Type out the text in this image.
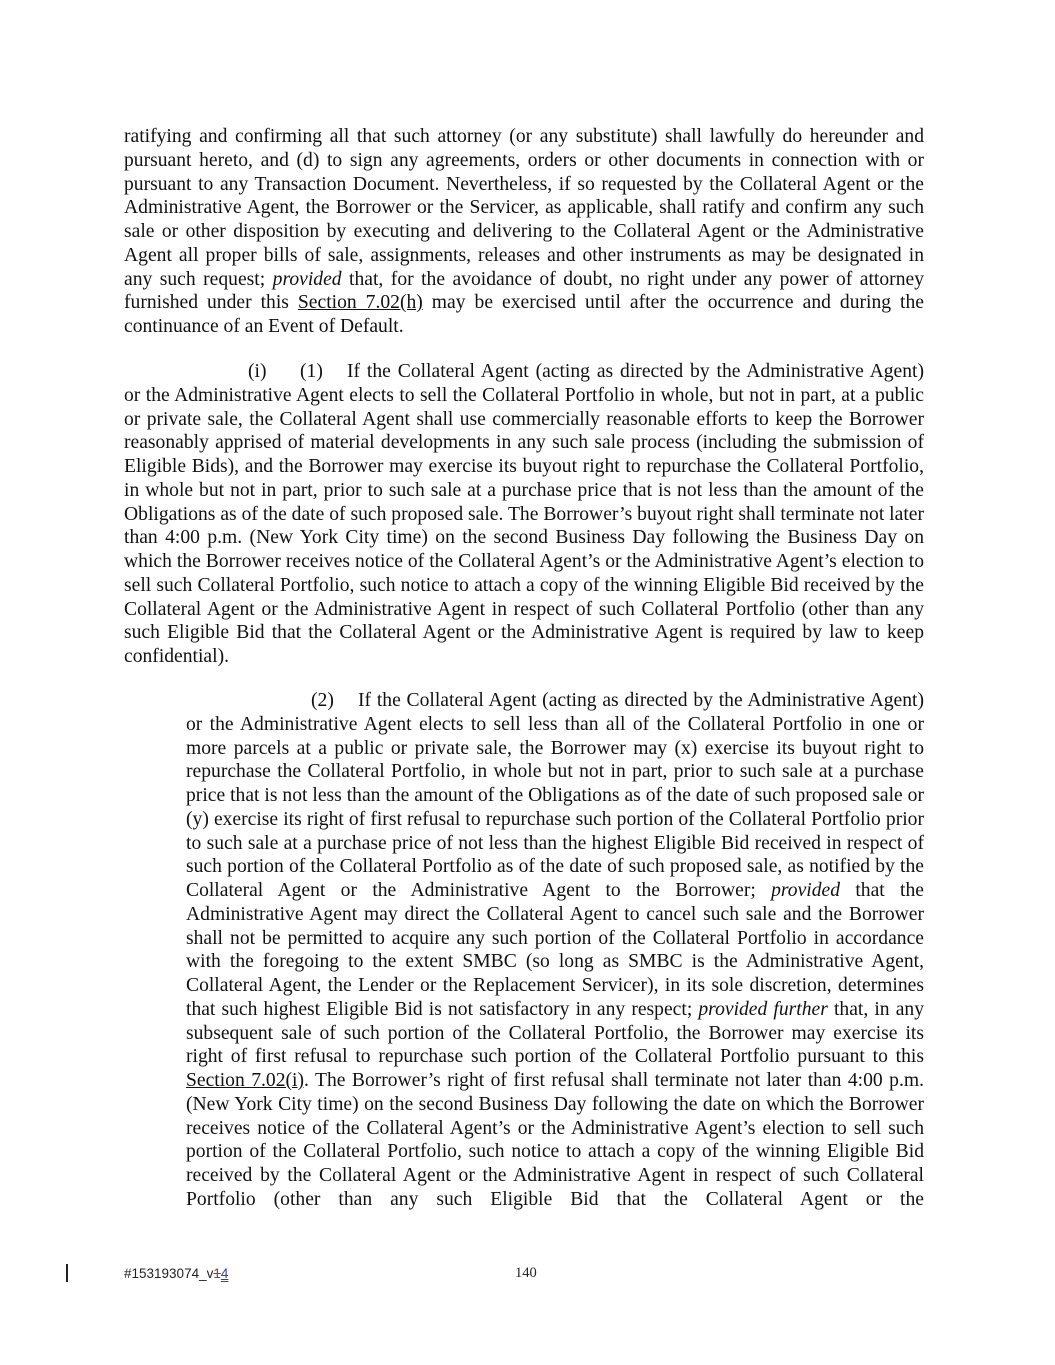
ratifying and confirming all that such attorney (or any substitute) shall lawfully do hereunder and pursuant hereto, and (d) to sign any agreements, orders or other documents in connection with or pursuant to any Transaction Document. Nevertheless, if so requested by the Collateral Agent or the Administrative Agent, the Borrower or the Servicer, as applicable, shall ratify and confirm any such sale or other disposition by executing and delivering to the Collateral Agent or the Administrative Agent all proper bills of sale, assignments, releases and other instruments as may be designated in any such request; provided that, for the avoidance of doubt, no right under any power of attorney furnished under this Section 7.02(h) may be exercised until after the occurrence and during the continuance of an Event of Default.

(i) (1) If the Collateral Agent (acting as directed by the Administrative Agent) or the Administrative Agent elects to sell the Collateral Portfolio in whole, but not in part, at a public or private sale, the Collateral Agent shall use commercially reasonable efforts to keep the Borrower reasonably apprised of material developments in any such sale process (including the submission of Eligible Bids), and the Borrower may exercise its buyout right to repurchase the Collateral Portfolio, in whole but not in part, prior to such sale at a purchase price that is not less than the amount of the Obligations as of the date of such proposed sale. The Borrower’s buyout right shall terminate not later than 4:00 p.m. (New York City time) on the second Business Day following the Business Day on which the Borrower receives notice of the Collateral Agent’s or the Administrative Agent’s election to sell such Collateral Portfolio, such notice to attach a copy of the winning Eligible Bid received by the Collateral Agent or the Administrative Agent in respect of such Collateral Portfolio (other than any such Eligible Bid that the Collateral Agent or the Administrative Agent is required by law to keep confidential).

(2) If the Collateral Agent (acting as directed by the Administrative Agent) or the Administrative Agent elects to sell less than all of the Collateral Portfolio in one or more parcels at a public or private sale, the Borrower may (x) exercise its buyout right to repurchase the Collateral Portfolio, in whole but not in part, prior to such sale at a purchase price that is not less than the amount of the Obligations as of the date of such proposed sale or (y) exercise its right of first refusal to repurchase such portion of the Collateral Portfolio prior to such sale at a purchase price of not less than the highest Eligible Bid received in respect of such portion of the Collateral Portfolio as of the date of such proposed sale, as notified by the Collateral Agent or the Administrative Agent to the Borrower; provided that the Administrative Agent may direct the Collateral Agent to cancel such sale and the Borrower shall not be permitted to acquire any such portion of the Collateral Portfolio in accordance with the foregoing to the extent SMBC (so long as SMBC is the Administrative Agent, Collateral Agent, the Lender or the Replacement Servicer), in its sole discretion, determines that such highest Eligible Bid is not satisfactory in any respect; provided further that, in any subsequent sale of such portion of the Collateral Portfolio, the Borrower may exercise its right of first refusal to repurchase such portion of the Collateral Portfolio pursuant to this Section 7.02(i). The Borrower’s right of first refusal shall terminate not later than 4:00 p.m. (New York City time) on the second Business Day following the date on which the Borrower receives notice of the Collateral Agent’s or the Administrative Agent’s election to sell such portion of the Collateral Portfolio, such notice to attach a copy of the winning Eligible Bid received by the Collateral Agent or the Administrative Agent in respect of such Collateral Portfolio (other than any such Eligible Bid that the Collateral Agent or the

#153193074_v14	140
